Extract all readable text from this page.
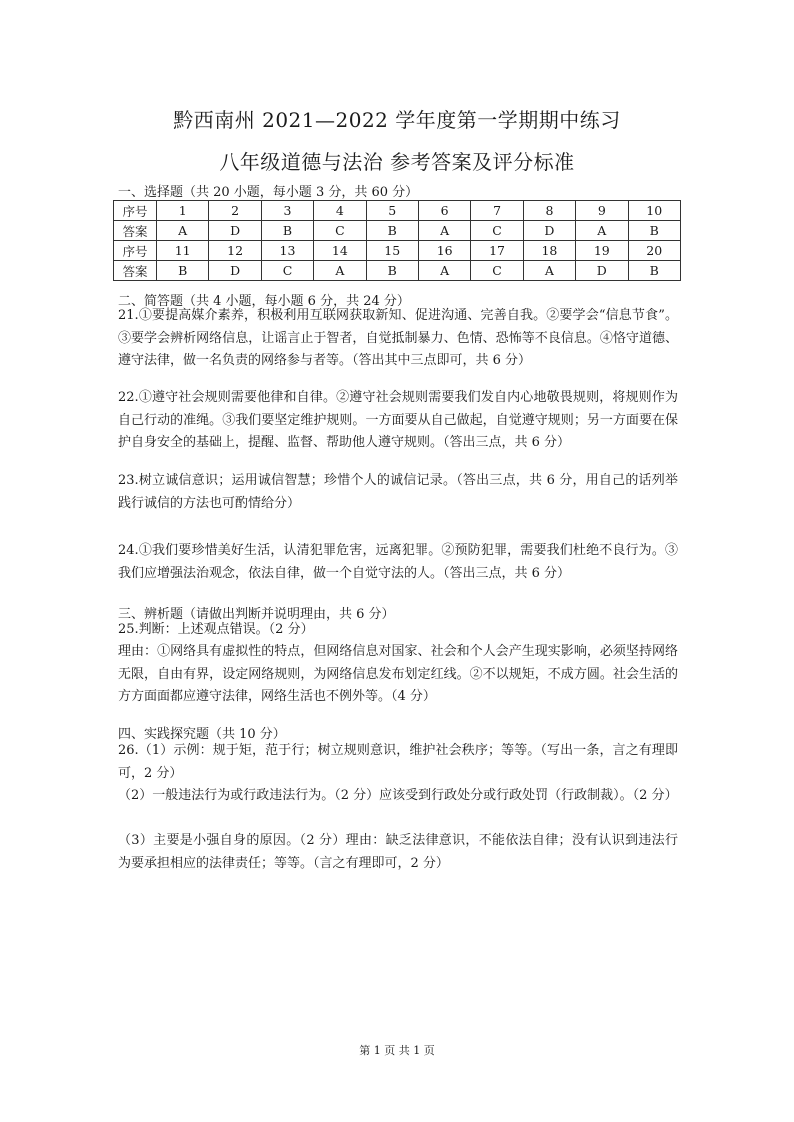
黔西南州 2021—2022 学年度第一学期期中练习
八年级道德与法治 参考答案及评分标准
一、选择题（共 20 小题，每小题 3 分，共 60 分）
序号	1	2	3	4	5	6	7	8	9	10
答案	A	D	B	C	B	A	C	D	A	B
序号	11	12	13	14	15	16	17	18	19	20
答案	B	D	C	A	B	A	C	A	D	B
二、简答题（共 4 小题，每小题 6 分，共 24 分）
21.①要提高媒介素养，积极利用互联网获取新知、促进沟通、完善自我。②要学会“信息节食”。③要学会辨析网络信息，让谣言止于智者，自觉抵制暴力、色情、恐怖等不良信息。④恪守道德、遵守法律，做一名负责的网络参与者等。（答出其中三点即可，共 6 分）
22.①遵守社会规则需要他律和自律。②遵守社会规则需要我们发自内心地敬畏规则，将规则作为自己行动的准绳。③我们要坚定维护规则。一方面要从自己做起，自觉遵守规则；另一方面要在保护自身安全的基础上，提醒、监督、帮助他人遵守规则。（答出三点，共 6 分）
23.树立诚信意识；运用诚信智慧；珍惜个人的诚信记录。（答出三点，共 6 分，用自己的话列举践行诚信的方法也可酌情给分）
24.①我们要珍惜美好生活，认清犯罪危害，远离犯罪。②预防犯罪，需要我们杜绝不良行为。③我们应增强法治观念，依法自律，做一个自觉守法的人。（答出三点，共 6 分）
三、辨析题（请做出判断并说明理由，共 6 分）
25.判断：上述观点错误。（2 分）
理由：①网络具有虚拟性的特点，但网络信息对国家、社会和个人会产生现实影响，必须坚持网络无限，自由有界，设定网络规则，为网络信息发布划定红线。②不以规矩，不成方圆。社会生活的方方面面都应遵守法律，网络生活也不例外等。（4 分）
四、实践探究题（共 10 分）
26.（1）示例：规于矩，范于行；树立规则意识，维护社会秩序；等等。（写出一条，言之有理即可，2 分）
（2）一般违法行为或行政违法行为。（2 分）应该受到行政处分或行政处罚（行政制裁）。（2 分）
（3）主要是小强自身的原因。（2 分）理由：缺乏法律意识，不能依法自律；没有认识到违法行为要承担相应的法律责任；等等。（言之有理即可，2 分）
第 1 页 共 1 页
